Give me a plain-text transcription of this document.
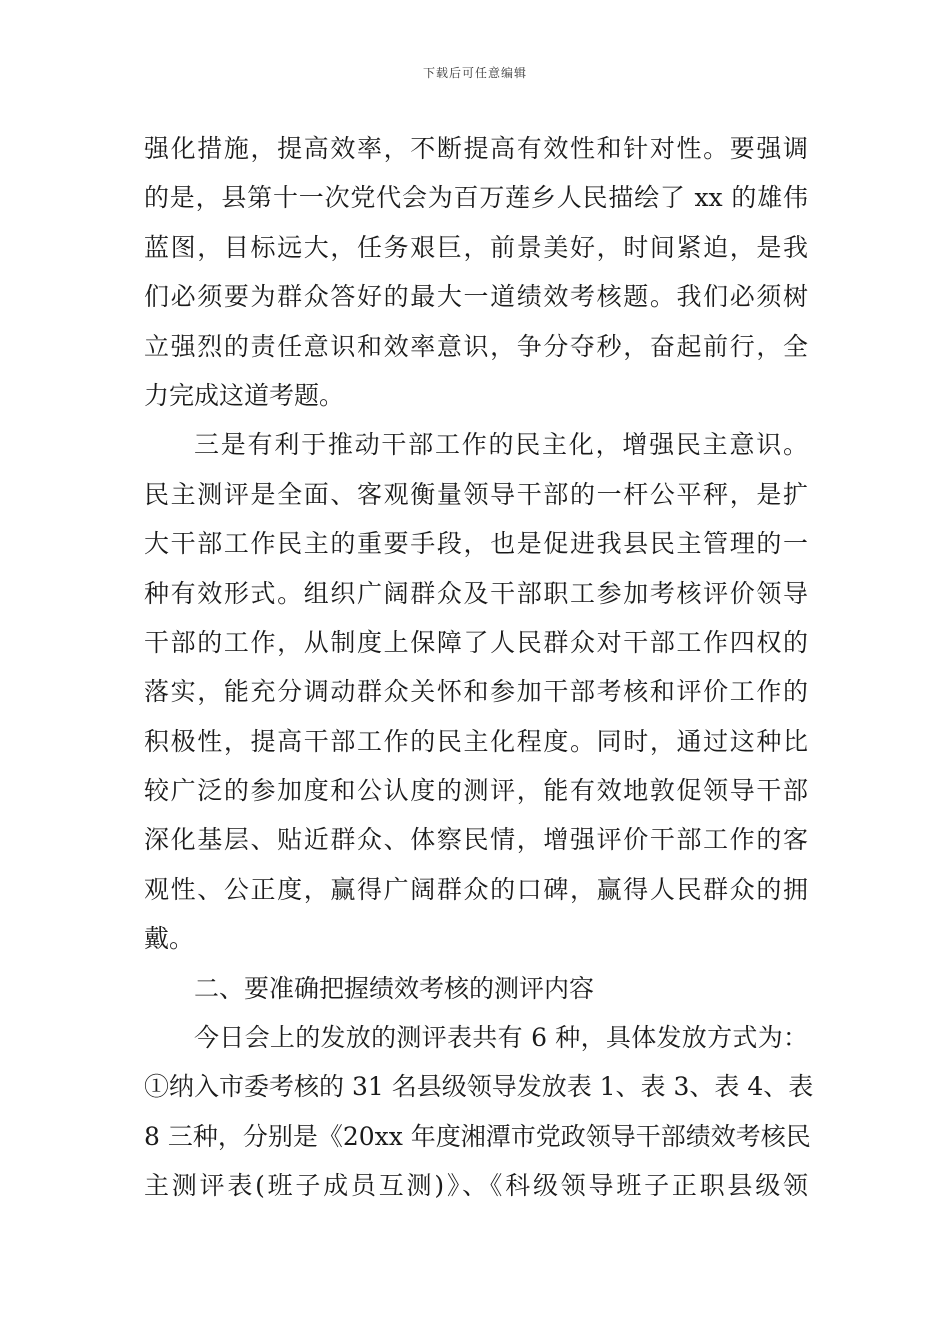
下载后可任意编辑
强化措施，提高效率，不断提高有效性和针对性。要强调
的是，县第十一次党代会为百万莲乡人民描绘了 xx 的雄伟
蓝图，目标远大，任务艰巨，前景美好，时间紧迫，是我
们必须要为群众答好的最大一道绩效考核题。我们必须树
立强烈的责任意识和效率意识，争分夺秒，奋起前行，全
力完成这道考题。
三是有利于推动干部工作的民主化，增强民主意识。
民主测评是全面、客观衡量领导干部的一杆公平秤，是扩
大干部工作民主的重要手段，也是促进我县民主管理的一
种有效形式。组织广阔群众及干部职工参加考核评价领导
干部的工作，从制度上保障了人民群众对干部工作四权的
落实，能充分调动群众关怀和参加干部考核和评价工作的
积极性，提高干部工作的民主化程度。同时，通过这种比
较广泛的参加度和公认度的测评，能有效地敦促领导干部
深化基层、贴近群众、体察民情，增强评价干部工作的客
观性、公正度，赢得广阔群众的口碑，赢得人民群众的拥
戴。
二、要准确把握绩效考核的测评内容
今日会上的发放的测评表共有 6 种，具体发放方式为：
①纳入市委考核的 31 名县级领导发放表 1、表 3、表 4、表
8 三种，分别是《20xx 年度湘潭市党政领导干部绩效考核民
主测评表(班子成员互测)》、《科级领导班子正职县级领
